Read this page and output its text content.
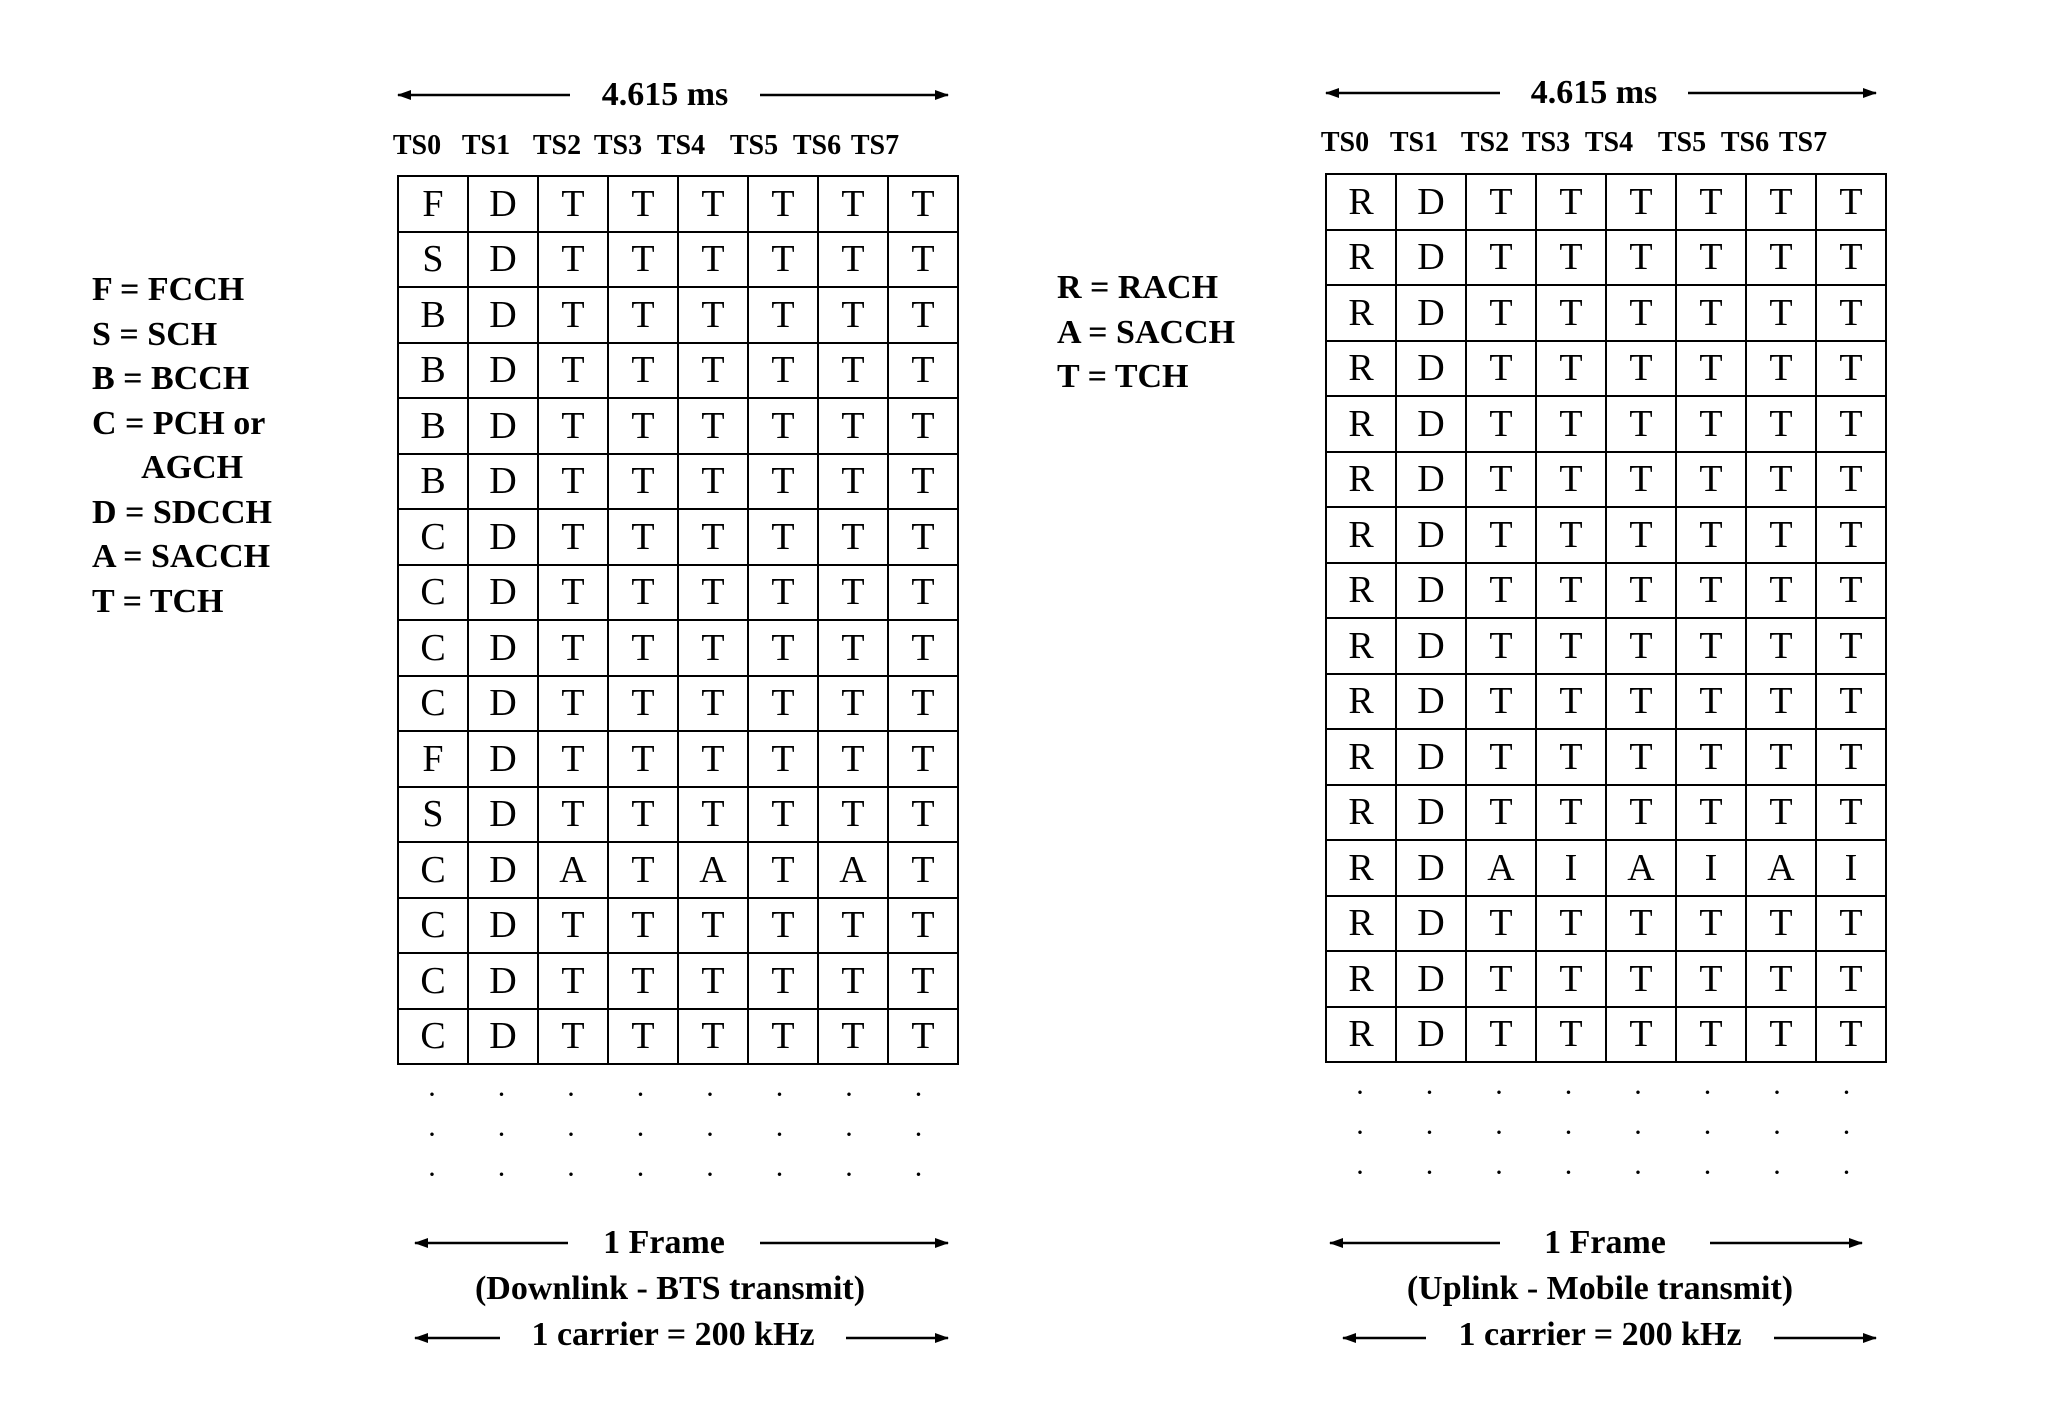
F = FCCH
S = SCH
B = BCCH
C = PCH or
AGCH
D = SDCCH
A = SACCH
T = TCH
R = RACH
A = SACCH
T = TCH
4.615 ms
TS0 TS1 TS2 TS3 TS4 TS5 TS6 TS7
F	D	T	T	T	T	T	T
S	D	T	T	T	T	T	T
B	D	T	T	T	T	T	T
B	D	T	T	T	T	T	T
B	D	T	T	T	T	T	T
B	D	T	T	T	T	T	T
C	D	T	T	T	T	T	T
C	D	T	T	T	T	T	T
C	D	T	T	T	T	T	T
C	D	T	T	T	T	T	T
F	D	T	T	T	T	T	T
S	D	T	T	T	T	T	T
C	D	A	T	A	T	A	T
C	D	T	T	T	T	T	T
C	D	T	T	T	T	T	T
C	D	T	T	T	T	T	T
·
·
·
·
·
·
·
·
·
·
·
·
·
·
·
·
·
·
·
·
·
·
·
·
1 Frame
(Downlink - BTS transmit)
1 carrier = 200 kHz
4.615 ms
TS0 TS1 TS2 TS3 TS4 TS5 TS6 TS7
R	D	T	T	T	T	T	T
R	D	T	T	T	T	T	T
R	D	T	T	T	T	T	T
R	D	T	T	T	T	T	T
R	D	T	T	T	T	T	T
R	D	T	T	T	T	T	T
R	D	T	T	T	T	T	T
R	D	T	T	T	T	T	T
R	D	T	T	T	T	T	T
R	D	T	T	T	T	T	T
R	D	T	T	T	T	T	T
R	D	T	T	T	T	T	T
R	D	A	I	A	I	A	I
R	D	T	T	T	T	T	T
R	D	T	T	T	T	T	T
R	D	T	T	T	T	T	T
·
·
·
·
·
·
·
·
·
·
·
·
·
·
·
·
·
·
·
·
·
·
·
·
1 Frame
(Uplink - Mobile transmit)
1 carrier = 200 kHz
